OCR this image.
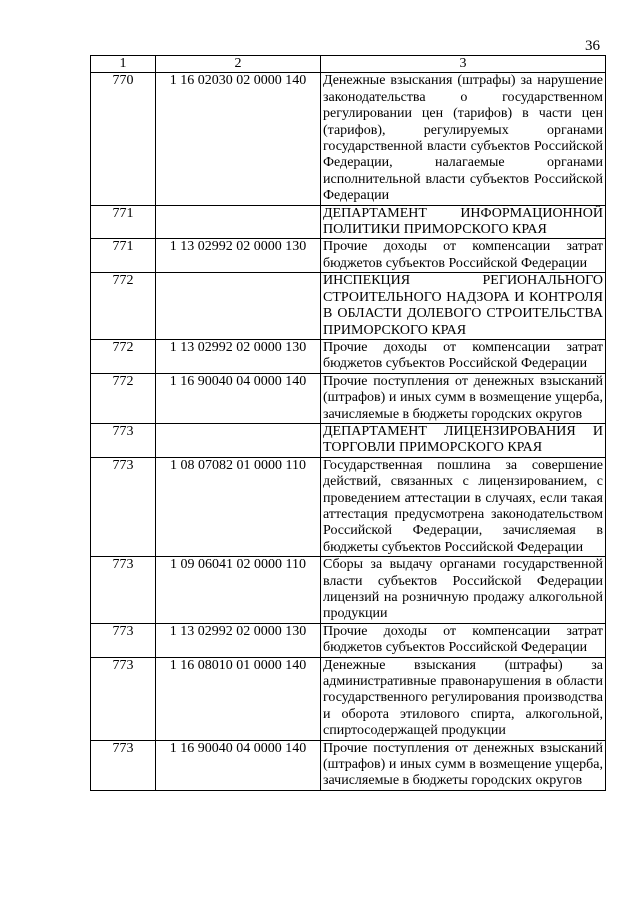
36
1	2	3
770	1 16 02030 02 0000 140	Денежные взыскания (штрафы) за нарушение законодательства о государственном регулировании цен (тарифов) в части цен (тарифов), регулируемых органами государственной власти субъектов Российской Федерации, налагаемые органами исполнительной власти субъектов Российской Федерации
771		ДЕПАРТАМЕНТ ИНФОРМАЦИОННОЙ ПОЛИТИКИ ПРИМОРСКОГО КРАЯ
771	1 13 02992 02 0000 130	Прочие доходы от компенсации затрат бюджетов субъектов Российской Федерации
772		ИНСПЕКЦИЯ РЕГИОНАЛЬНОГО СТРОИТЕЛЬНОГО НАДЗОРА И КОНТРОЛЯ В ОБЛАСТИ ДОЛЕВОГО СТРОИТЕЛЬСТВА ПРИМОРСКОГО КРАЯ
772	1 13 02992 02 0000 130	Прочие доходы от компенсации затрат бюджетов субъектов Российской Федерации
772	1 16 90040 04 0000 140	Прочие поступления от денежных взысканий (штрафов) и иных сумм в возмещение ущерба, зачисляемые в бюджеты городских округов
773		ДЕПАРТАМЕНТ ЛИЦЕНЗИРОВАНИЯ И ТОРГОВЛИ ПРИМОРСКОГО КРАЯ
773	1 08 07082 01 0000 110	Государственная пошлина за совершение действий, связанных с лицензированием, с проведением аттестации в случаях, если такая аттестация предусмотрена законодательством Российской Федерации, зачисляемая в бюджеты субъектов Российской Федерации
773	1 09 06041 02 0000 110	Сборы за выдачу органами государственной власти субъектов Российской Федерации лицензий на розничную продажу алкогольной продукции
773	1 13 02992 02 0000 130	Прочие доходы от компенсации затрат бюджетов субъектов Российской Федерации
773	1 16 08010 01 0000 140	Денежные взыскания (штрафы) за административные правонарушения в области государственного регулирования производства и оборота этилового спирта, алкогольной, спиртосодержащей продукции
773	1 16 90040 04 0000 140	Прочие поступления от денежных взысканий (штрафов) и иных сумм в возмещение ущерба, зачисляемые в бюджеты городских округов
